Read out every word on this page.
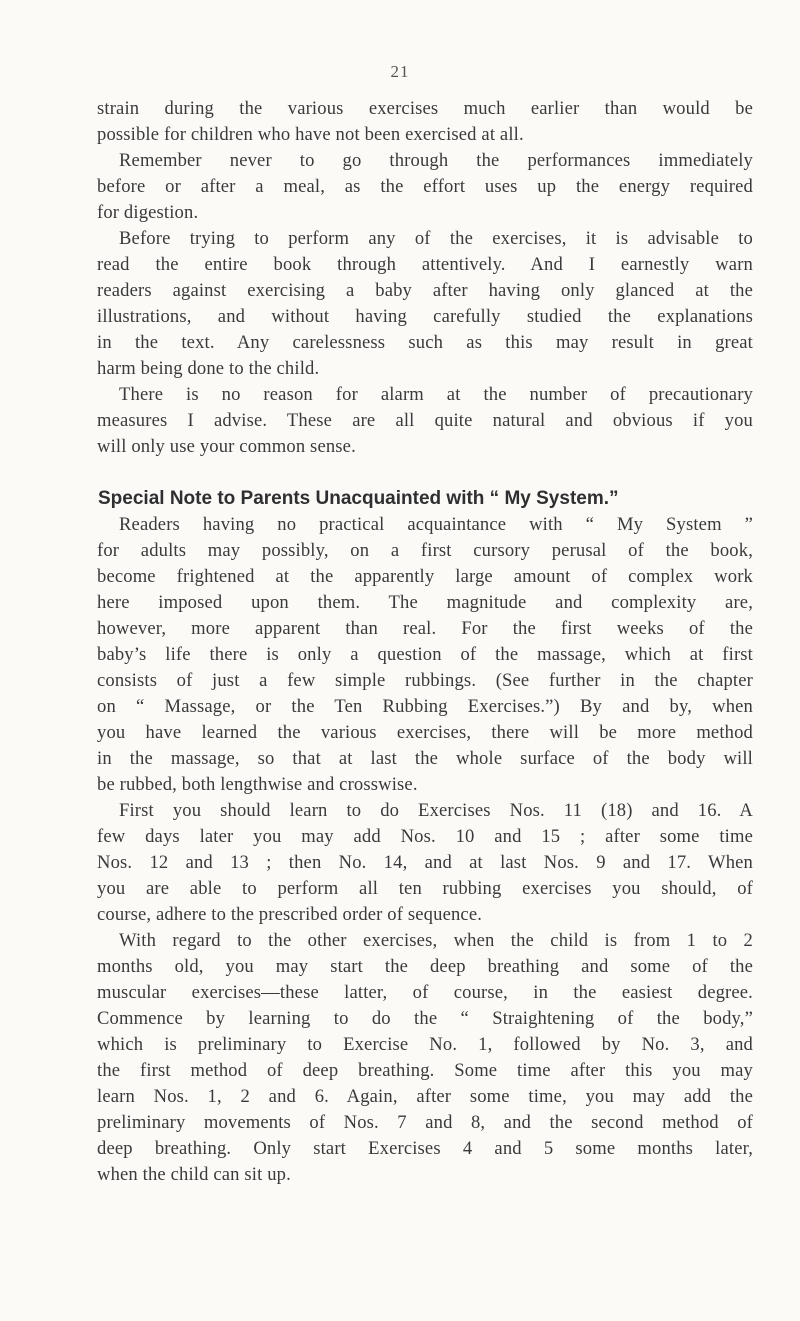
21
strain during the various exercises much earlier than would be
possible for children who have not been exercised at all.
Remember never to go through the performances immediately
before or after a meal, as the effort uses up the energy required
for digestion.
Before trying to perform any of the exercises, it is advisable to
read the entire book through attentively. And I earnestly warn
readers against exercising a baby after having only glanced at the
illustrations, and without having carefully studied the explanations
in the text. Any carelessness such as this may result in great
harm being done to the child.
There is no reason for alarm at the number of precautionary
measures I advise. These are all quite natural and obvious if you
will only use your common sense.
Special Note to Parents Unacquainted with “ My System.”
Readers having no practical acquaintance with “ My System ”
for adults may possibly, on a first cursory perusal of the book,
become frightened at the apparently large amount of complex work
here imposed upon them. The magnitude and complexity are,
however, more apparent than real. For the first weeks of the
baby’s life there is only a question of the massage, which at first
consists of just a few simple rubbings. (See further in the chapter
on “ Massage, or the Ten Rubbing Exercises.”) By and by, when
you have learned the various exercises, there will be more method
in the massage, so that at last the whole surface of the body will
be rubbed, both lengthwise and crosswise.
First you should learn to do Exercises Nos. 11 (18) and 16. A
few days later you may add Nos. 10 and 15 ; after some time
Nos. 12 and 13 ; then No. 14, and at last Nos. 9 and 17. When
you are able to perform all ten rubbing exercises you should, of
course, adhere to the prescribed order of sequence.
With regard to the other exercises, when the child is from 1 to 2
months old, you may start the deep breathing and some of the
muscular exercises—these latter, of course, in the easiest degree.
Commence by learning to do the “ Straightening of the body,”
which is preliminary to Exercise No. 1, followed by No. 3, and
the first method of deep breathing. Some time after this you may
learn Nos. 1, 2 and 6. Again, after some time, you may add the
preliminary movements of Nos. 7 and 8, and the second method of
deep breathing. Only start Exercises 4 and 5 some months later,
when the child can sit up.
